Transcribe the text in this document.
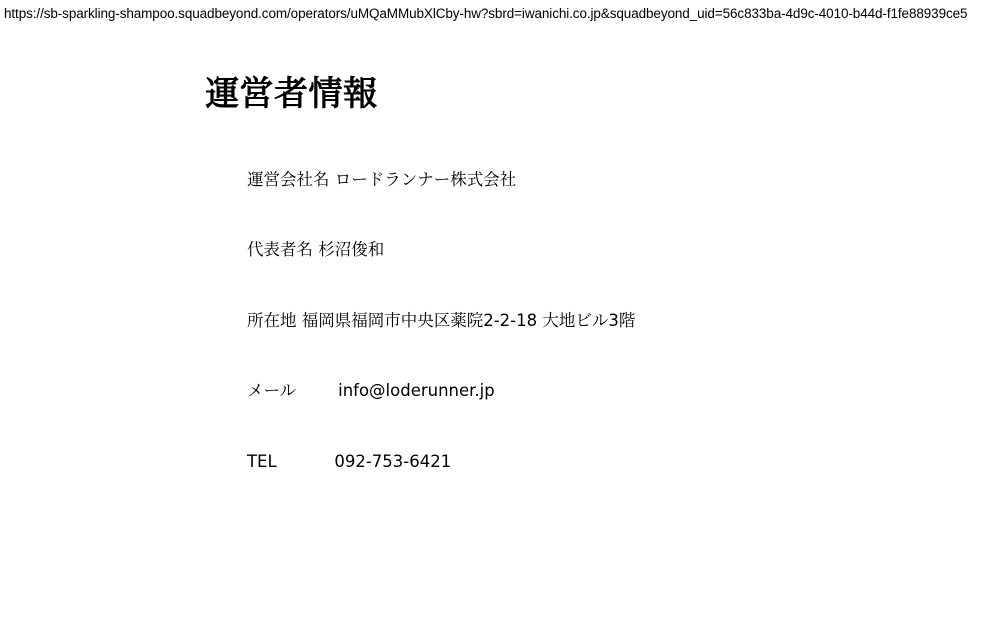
https://sb-sparkling-shampoo.squadbeyond.com/operators/uMQaMMubXlCby-hw?sbrd=iwanichi.co.jp&squadbeyond_uid=56c833ba-4d9c-4010-b44d-f1fe88939ce5
運営者情報

運営会社名 ロードランナー株式会社

代表者名 杉沼俊和

所在地 福岡県福岡市中央区薬院2-2-18 大地ビル3階

メール        info@loderunner.jp

TEL           092-753-6421
